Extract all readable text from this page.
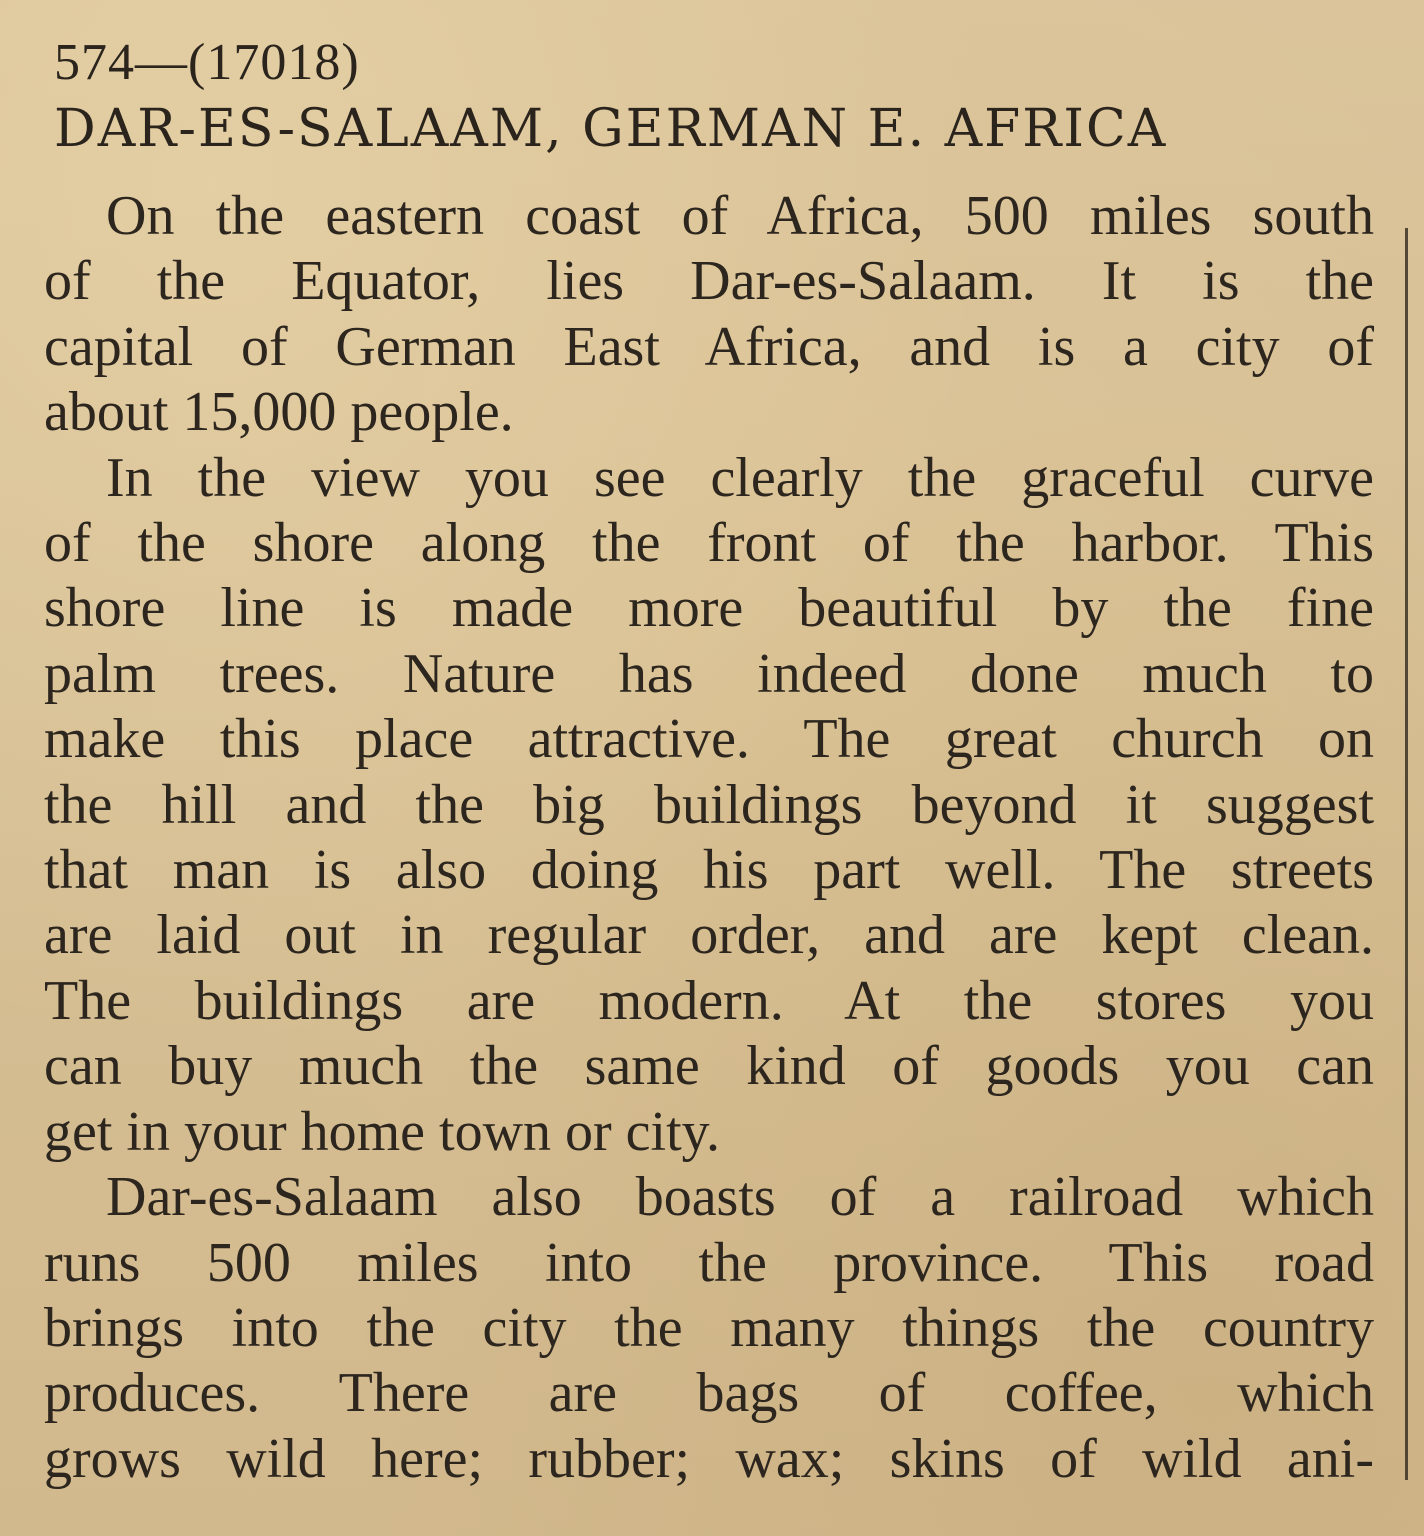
574—(17018)
DAR-ES-SALAAM, GERMAN E. AFRICA
On the eastern coast of Africa, 500 miles south
of the Equator, lies Dar-es-Salaam. It is the
capital of German East Africa, and is a city of
about 15,000 people.
In the view you see clearly the graceful curve
of the shore along the front of the harbor. This
shore line is made more beautiful by the fine
palm trees. Nature has indeed done much to
make this place attractive. The great church on
the hill and the big buildings beyond it suggest
that man is also doing his part well. The streets
are laid out in regular order, and are kept clean.
The buildings are modern. At the stores you
can buy much the same kind of goods you can
get in your home town or city.
Dar-es-Salaam also boasts of a railroad which
runs 500 miles into the province. This road
brings into the city the many things the country
produces. There are bags of coffee, which
grows wild here; rubber; wax; skins of wild ani-
